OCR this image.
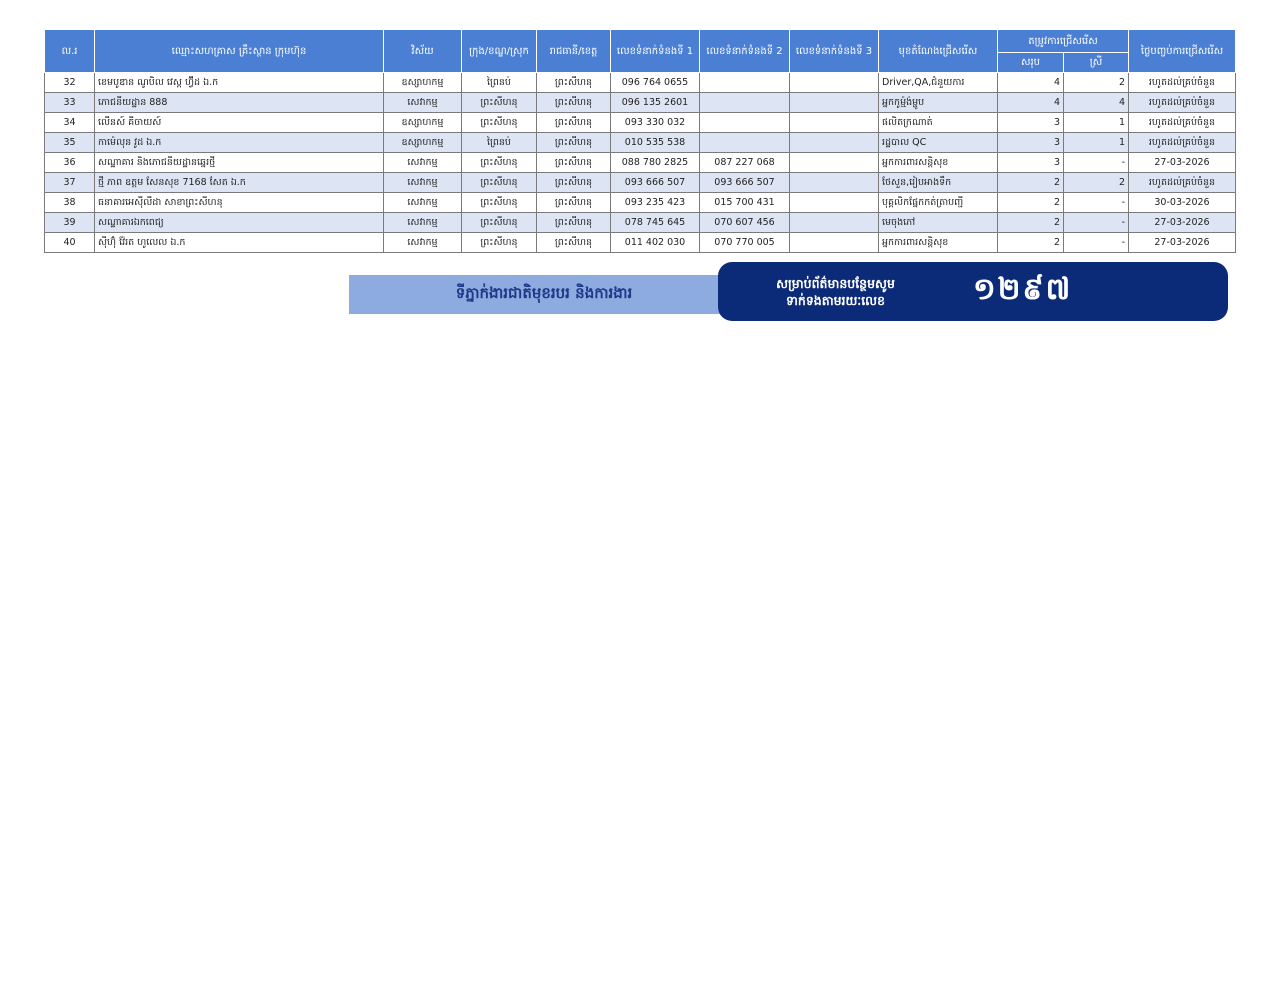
ល.រ	ឈ្មោះសហគ្រាស គ្រឹះស្ថាន ក្រុមហ៊ុន	វិស័យ	ក្រុង/ខណ្ឌ/ស្រុក	រាជធានី/ខេត្ត	លេខទំនាក់ទំនងទី 1	លេខទំនាក់ទំនងទី 2	លេខទំនាក់ទំនងទី 3	មុខតំណែងជ្រើសរើស	តម្រូវការជ្រើសរើស		ថ្ងៃបញ្ចប់ការជ្រើសរើស
									សរុប	ស្រី	
32	ខេមបូឌាន ណូបិល វេស្ត ហ៊្វីដ ឯ.ក	ឧស្សាហកម្ម	ព្រៃនប់	ព្រះសីហនុ	096 764 0655			Driver,QA,ជំនួយការ	4	2	រហូតដល់គ្រប់ចំនួន
33	ភោជនីយដ្ឋាន 888	សេវាកម្ម	ព្រះសីហនុ	ព្រះសីហនុ	096 135 2601			អ្នកកូម្ម៉ង់ម្ហូប	4	4	រហូតដល់គ្រប់ចំនួន
34	លើនស៍ គីចាយស៍	ឧស្សាហកម្ម	ព្រះសីហនុ	ព្រះសីហនុ	093 330 032			ផលិតក្រណាត់	3	1	រហូតដល់គ្រប់ចំនួន
35	កាម៉េលុន វូដ ឯ.ក	ឧស្សាហកម្ម	ព្រៃនប់	ព្រះសីហនុ	010 535 538			រដ្ឋបាល QC	3	1	រហូតដល់គ្រប់ចំនួន
36	សណ្ឋាគារ និងភោជនីយដ្ឋានឆ្នេរថ្មី	សេវាកម្ម	ព្រះសីហនុ	ព្រះសីហនុ	088 780 2825	087 227 068		អ្នកការពារសន្តិសុខ	3	-	27-03-2026
37	ថ្មី ភាព ឧត្តម សែនសុខ 7168 សែត ឯ.ក	សេវាកម្ម	ព្រះសីហនុ	ព្រះសីហនុ	093 666 507	093 666 507		ថែសួន,រៀបអាងទឹក	2	2	រហូតដល់គ្រប់ចំនួន
38	ធនាគារអេស៊ីលីដា សាខាព្រះសីហនុ	សេវាកម្ម	ព្រះសីហនុ	ព្រះសីហនុ	093 235 423	015 700 431		បុគ្គលិកផ្នែកកត់ត្រាបញ្ជី	2	-	30-03-2026
39	សណ្ឋាគារឯកពេជ្យ	សេវាកម្ម	ព្រះសីហនុ	ព្រះសីហនុ	078 745 645	070 607 456		មេចុងភៅ	2	-	27-03-2026
40	ស៊ីហ៊ុំ វ៉ែរត ហូលេល ឯ.ក	សេវាកម្ម	ព្រះសីហនុ	ព្រះសីហនុ	011 402 030	070 770 005		អ្នកការពារសន្តិសុខ	2	-	27-03-2026
ទីភ្នាក់ងារជាតិមុខរបរ និងការងារ
សម្រាប់ព័ត៌មានបន្ថែមសូម
ទាក់ទងតាមរយៈលេខ	១២៩៧
